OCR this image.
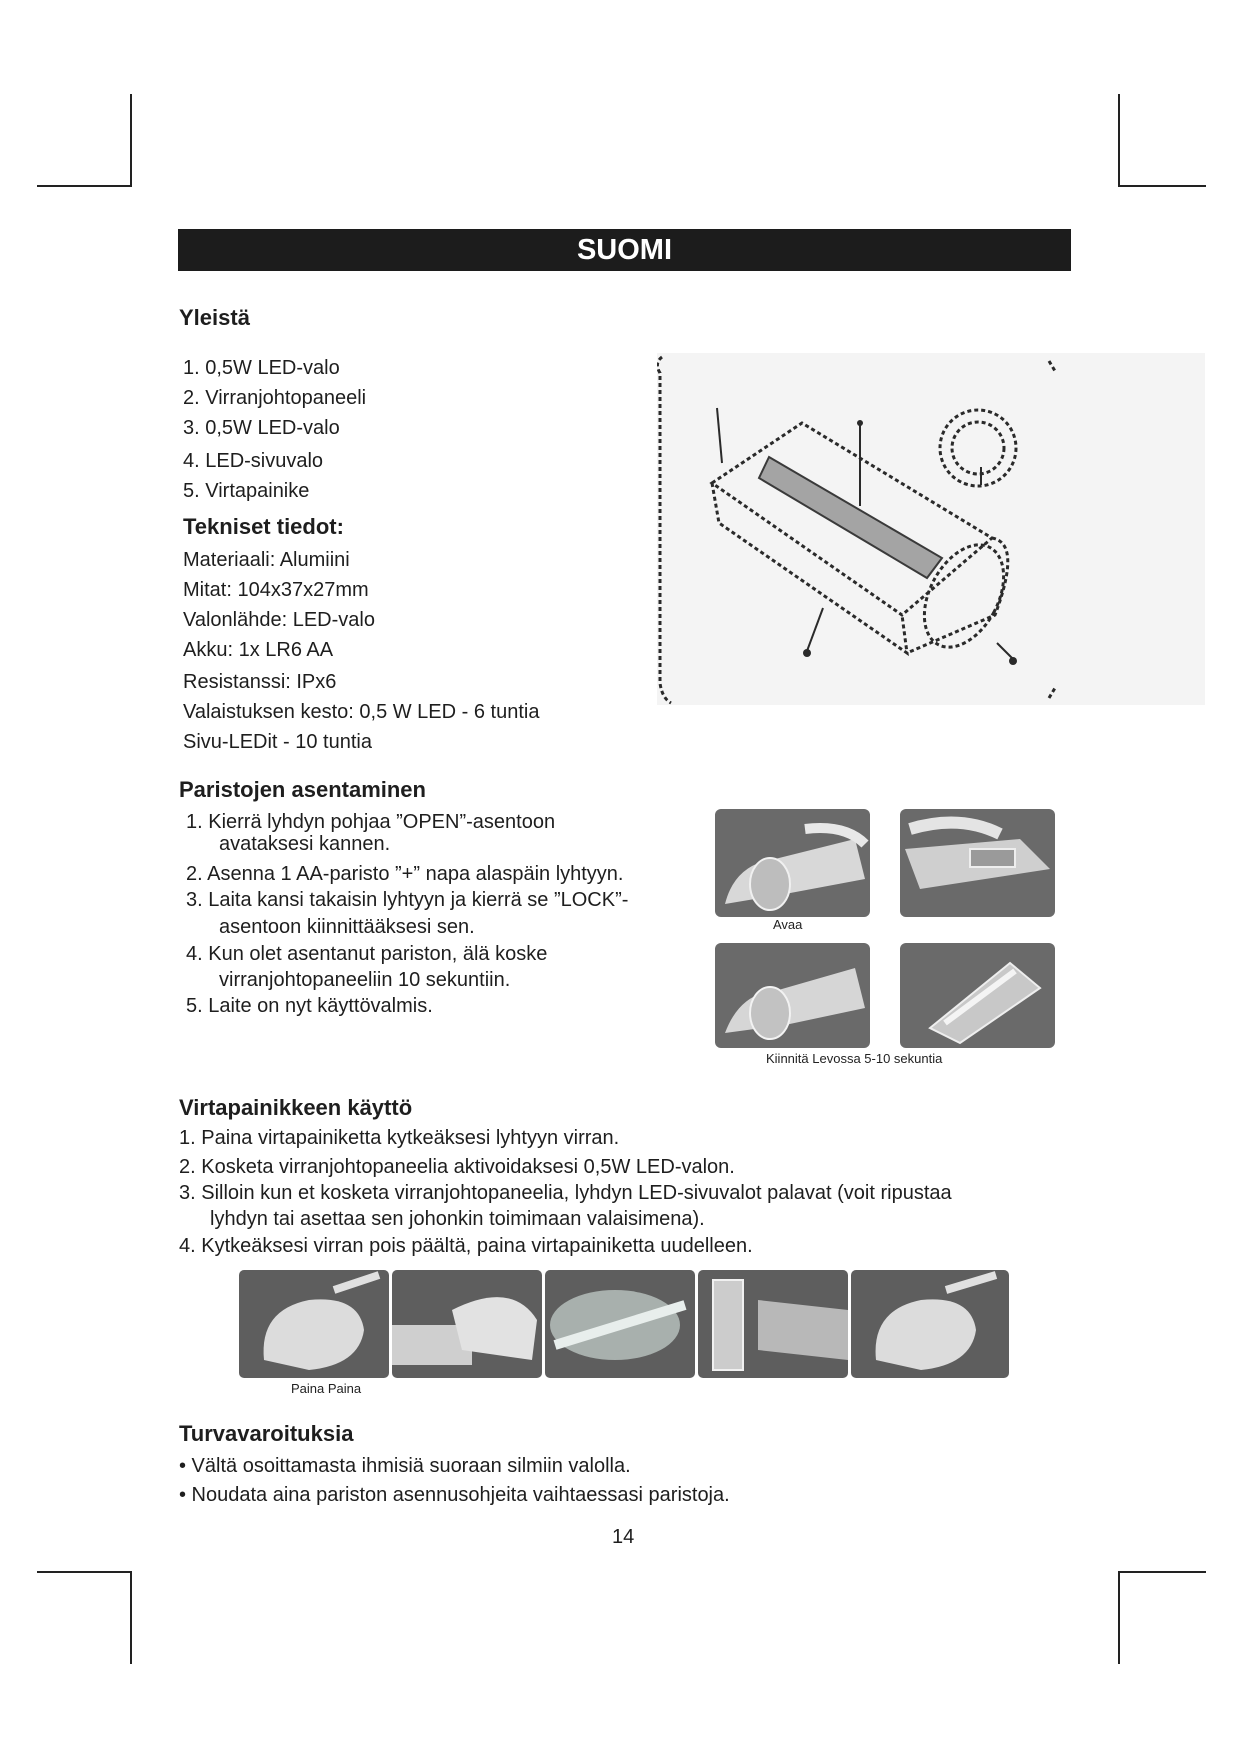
SUOMI
Yleistä
1. 0,5W LED-valo
2. Virranjohtopaneeli
3. 0,5W LED-valo
4. LED-sivuvalo
5. Virtapainike
Tekniset tiedot:
Materiaali: Alumiini
Mitat: 104x37x27mm
Valonlähde: LED-valo
Akku: 1x LR6 AA
Resistanssi: IPx6
Valaistuksen kesto: 0,5 W LED - 6 tuntia
Sivu-LEDit - 10 tuntia
Paristojen asentaminen
1. Kierrä lyhdyn pohjaa ”OPEN”-asentoon
avataksesi kannen.
2. Asenna 1 AA-paristo ”+” napa alaspäin lyhtyyn.
3. Laita kansi takaisin lyhtyyn ja kierrä se ”LOCK”-
asentoon kiinnittääksesi sen.
4. Kun olet asentanut pariston, älä koske
virranjohtopaneeliin 10 sekuntiin.
5. Laite on nyt käyttövalmis.
Avaa
Kiinnitä Levossa 5-10 sekuntia
Virtapainikkeen käyttö
1. Paina virtapainiketta kytkeäksesi lyhtyyn virran.
2. Kosketa virranjohtopaneelia aktivoidaksesi 0,5W LED-valon.
3. Silloin kun et kosketa virranjohtopaneelia, lyhdyn LED-sivuvalot palavat (voit ripustaa
lyhdyn tai asettaa sen johonkin toimimaan valaisimena).
4. Kytkeäksesi virran pois päältä, paina virtapainiketta uudelleen.
Paina Paina
Turvavaroituksia
• Vältä osoittamasta ihmisiä suoraan silmiin valolla.
• Noudata aina pariston asennusohjeita vaihtaessasi paristoja.
14
